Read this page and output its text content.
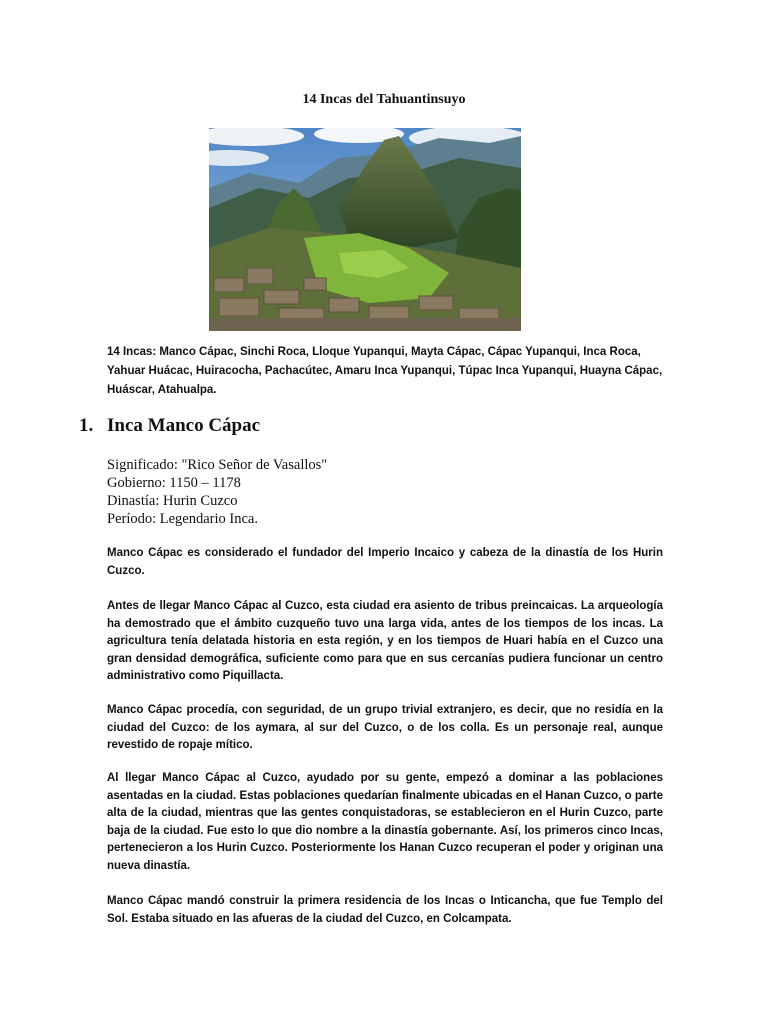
14 Incas del Tahuantinsuyo
14 Incas: Manco Cápac, Sinchi Roca, Lloque Yupanqui, Mayta Cápac, Cápac Yupanqui, Inca Roca, Yahuar Huácac, Huiracocha, Pachacútec, Amaru Inca Yupanqui, Túpac Inca Yupanqui, Huayna Cápac, Huáscar, Atahualpa.
1. Inca Manco Cápac
Significado: "Rico Señor de Vasallos"
Gobierno: 1150 – 1178
Dinastía: Hurin Cuzco
Período: Legendario Inca.
Manco Cápac es considerado el fundador del Imperio Incaico y cabeza de la dinastía de los Hurin Cuzco.
Antes de llegar Manco Cápac al Cuzco, esta ciudad era asiento de tribus preincaicas. La arqueología ha demostrado que el ámbito cuzqueño tuvo una larga vida, antes de los tiempos de los incas. La agricultura tenía delatada historia en esta región, y en los tiempos de Huari había en el Cuzco una gran densidad demográfica, suficiente como para que en sus cercanías pudiera funcionar un centro administrativo como Piquillacta.
Manco Cápac procedía, con seguridad, de un grupo trivial extranjero, es decir, que no residía en la ciudad del Cuzco: de los aymara, al sur del Cuzco, o de los colla. Es un personaje real, aunque revestido de ropaje mítico.
Al llegar Manco Cápac al Cuzco, ayudado por su gente, empezó a dominar a las poblaciones asentadas en la ciudad. Estas poblaciones quedarían finalmente ubicadas en el Hanan Cuzco, o parte alta de la ciudad, mientras que las gentes conquistadoras, se establecieron en el Hurin Cuzco, parte baja de la ciudad. Fue esto lo que dio nombre a la dinastía gobernante. Así, los primeros cinco Incas, pertenecieron a los Hurin Cuzco. Posteriormente los Hanan Cuzco recuperan el poder y originan una nueva dinastía.
Manco Cápac mandó construir la primera residencia de los Incas o Inticancha, que fue Templo del Sol. Estaba situado en las afueras de la ciudad del Cuzco, en Colcampata.
